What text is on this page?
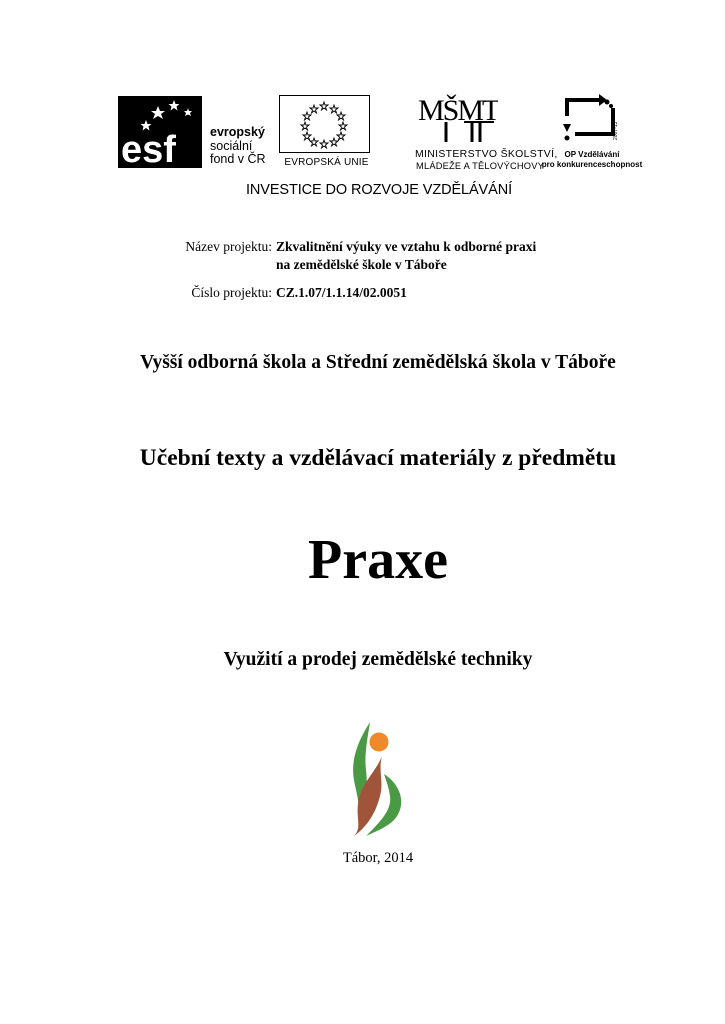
esf	evropský
sociální
fond v ČR	EVROPSKÁ UNIE
MŠMT
MINISTERSTVO ŠKOLSTVÍ,
MLÁDEŽE A TĚLOVÝCHOVY
2007-13
OP Vzdělávání
pro konkurenceschopnost
INVESTICE DO ROZVOJE VZDĚLÁVÁNÍ
Název projektu: Zkvalitnění výuky ve vztahu k odborné praxi
na zemědělské škole v Táboře
Číslo projektu: CZ.1.07/1.1.14/02.0051
Vyšší odborná škola a Střední zemědělská škola v Táboře
Učební texty a vzdělávací materiály z předmětu
Praxe
Využití a prodej zemědělské techniky
Tábor, 2014
